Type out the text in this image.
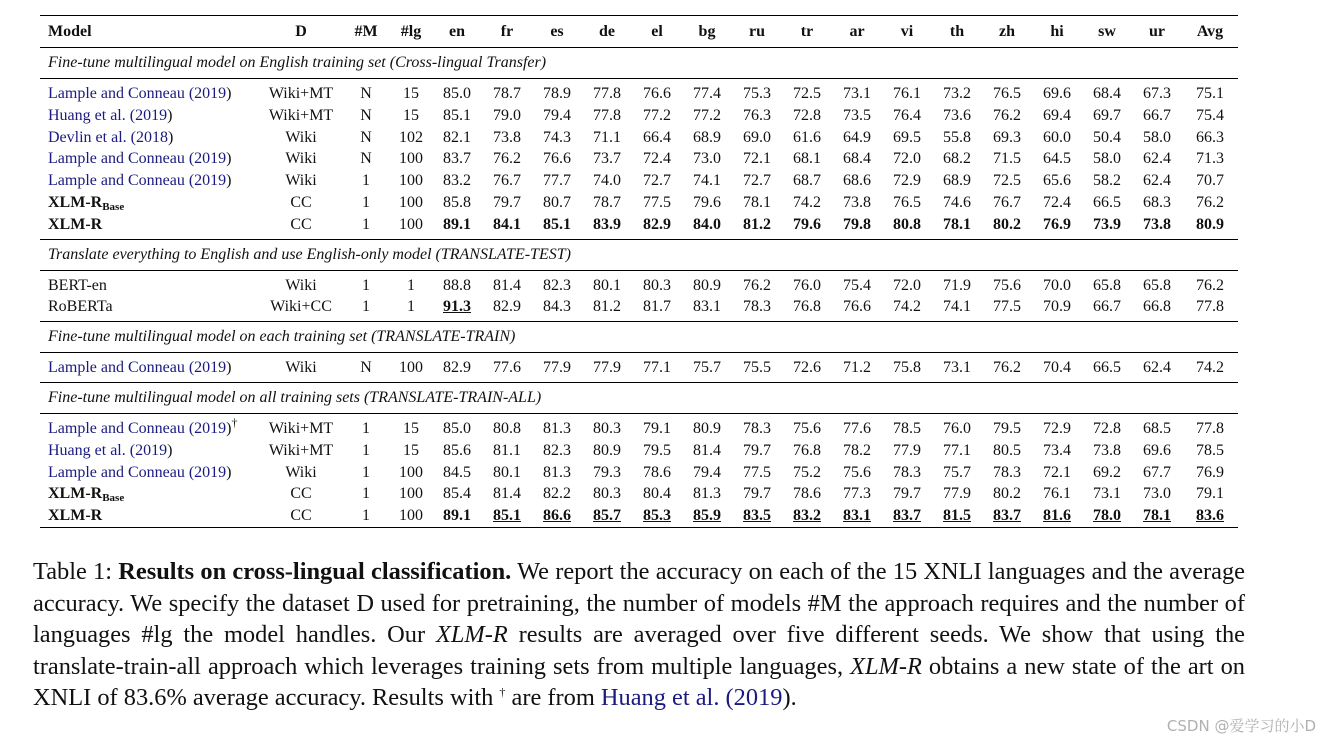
Model	D	#M	#lg	en	fr	es	de	el	bg	ru	tr	ar	vi	th	zh	hi	sw	ur	Avg
Fine-tune multilingual model on English training set (Cross-lingual Transfer)																			
Lample and Conneau (2019)	Wiki+MT	N	15	85.0	78.7	78.9	77.8	76.6	77.4	75.3	72.5	73.1	76.1	73.2	76.5	69.6	68.4	67.3	75.1
Huang et al. (2019)	Wiki+MT	N	15	85.1	79.0	79.4	77.8	77.2	77.2	76.3	72.8	73.5	76.4	73.6	76.2	69.4	69.7	66.7	75.4
Devlin et al. (2018)	Wiki	N	102	82.1	73.8	74.3	71.1	66.4	68.9	69.0	61.6	64.9	69.5	55.8	69.3	60.0	50.4	58.0	66.3
Lample and Conneau (2019)	Wiki	N	100	83.7	76.2	76.6	73.7	72.4	73.0	72.1	68.1	68.4	72.0	68.2	71.5	64.5	58.0	62.4	71.3
Lample and Conneau (2019)	Wiki	1	100	83.2	76.7	77.7	74.0	72.7	74.1	72.7	68.7	68.6	72.9	68.9	72.5	65.6	58.2	62.4	70.7
XLM-$R_{Base}$	CC	1	100	85.8	79.7	80.7	78.7	77.5	79.6	78.1	74.2	73.8	76.5	74.6	76.7	72.4	66.5	68.3	76.2
XLM-R	CC	1	100	89.1	84.1	85.1	83.9	82.9	84.0	81.2	79.6	79.8	80.8	78.1	80.2	76.9	73.9	73.8	80.9
Translate everything to English and use English-only model (TRANSLATE-TEST)																			
BERT-en	Wiki	1	1	88.8	81.4	82.3	80.1	80.3	80.9	76.2	76.0	75.4	72.0	71.9	75.6	70.0	65.8	65.8	76.2
RoBERTa	Wiki+CC	1	1	91.3	82.9	84.3	81.2	81.7	83.1	78.3	76.8	76.6	74.2	74.1	77.5	70.9	66.7	66.8	77.8
Fine-tune multilingual model on each training set (TRANSLATE-TRAIN)																			
Lample and Conneau (2019)	Wiki	N	100	82.9	77.6	77.9	77.9	77.1	75.7	75.5	72.6	71.2	75.8	73.1	76.2	70.4	66.5	62.4	74.2
Fine-tune multilingual model on all training sets (TRANSLATE-TRAIN-ALL)																			
Lample and Conneau (2019)†	Wiki+MT	1	15	85.0	80.8	81.3	80.3	79.1	80.9	78.3	75.6	77.6	78.5	76.0	79.5	72.9	72.8	68.5	77.8
Huang et al. (2019)	Wiki+MT	1	15	85.6	81.1	82.3	80.9	79.5	81.4	79.7	76.8	78.2	77.9	77.1	80.5	73.4	73.8	69.6	78.5
Lample and Conneau (2019)	Wiki	1	100	84.5	80.1	81.3	79.3	78.6	79.4	77.5	75.2	75.6	78.3	75.7	78.3	72.1	69.2	67.7	76.9
XLM-$R_{Base}$	CC	1	100	85.4	81.4	82.2	80.3	80.4	81.3	79.7	78.6	77.3	79.7	77.9	80.2	76.1	73.1	73.0	79.1
XLM-R	CC	1	100	89.1	85.1	86.6	85.7	85.3	85.9	83.5	83.2	83.1	83.7	81.5	83.7	81.6	78.0	78.1	83.6
Table 1: Results on cross-lingual classification. We report the accuracy on each of the 15 XNLI languages and the average accuracy. We specify the dataset D used for pretraining, the number of models #M the approach requires and the number of languages #lg the model handles. Our XLM-R results are averaged over five different seeds. We show that using the translate-train-all approach which leverages training sets from multiple languages, XLM-R obtains a new state of the art on XNLI of 83.6% average accuracy. Results with † are from Huang et al. (2019).
CSDN @爱学习的小D
